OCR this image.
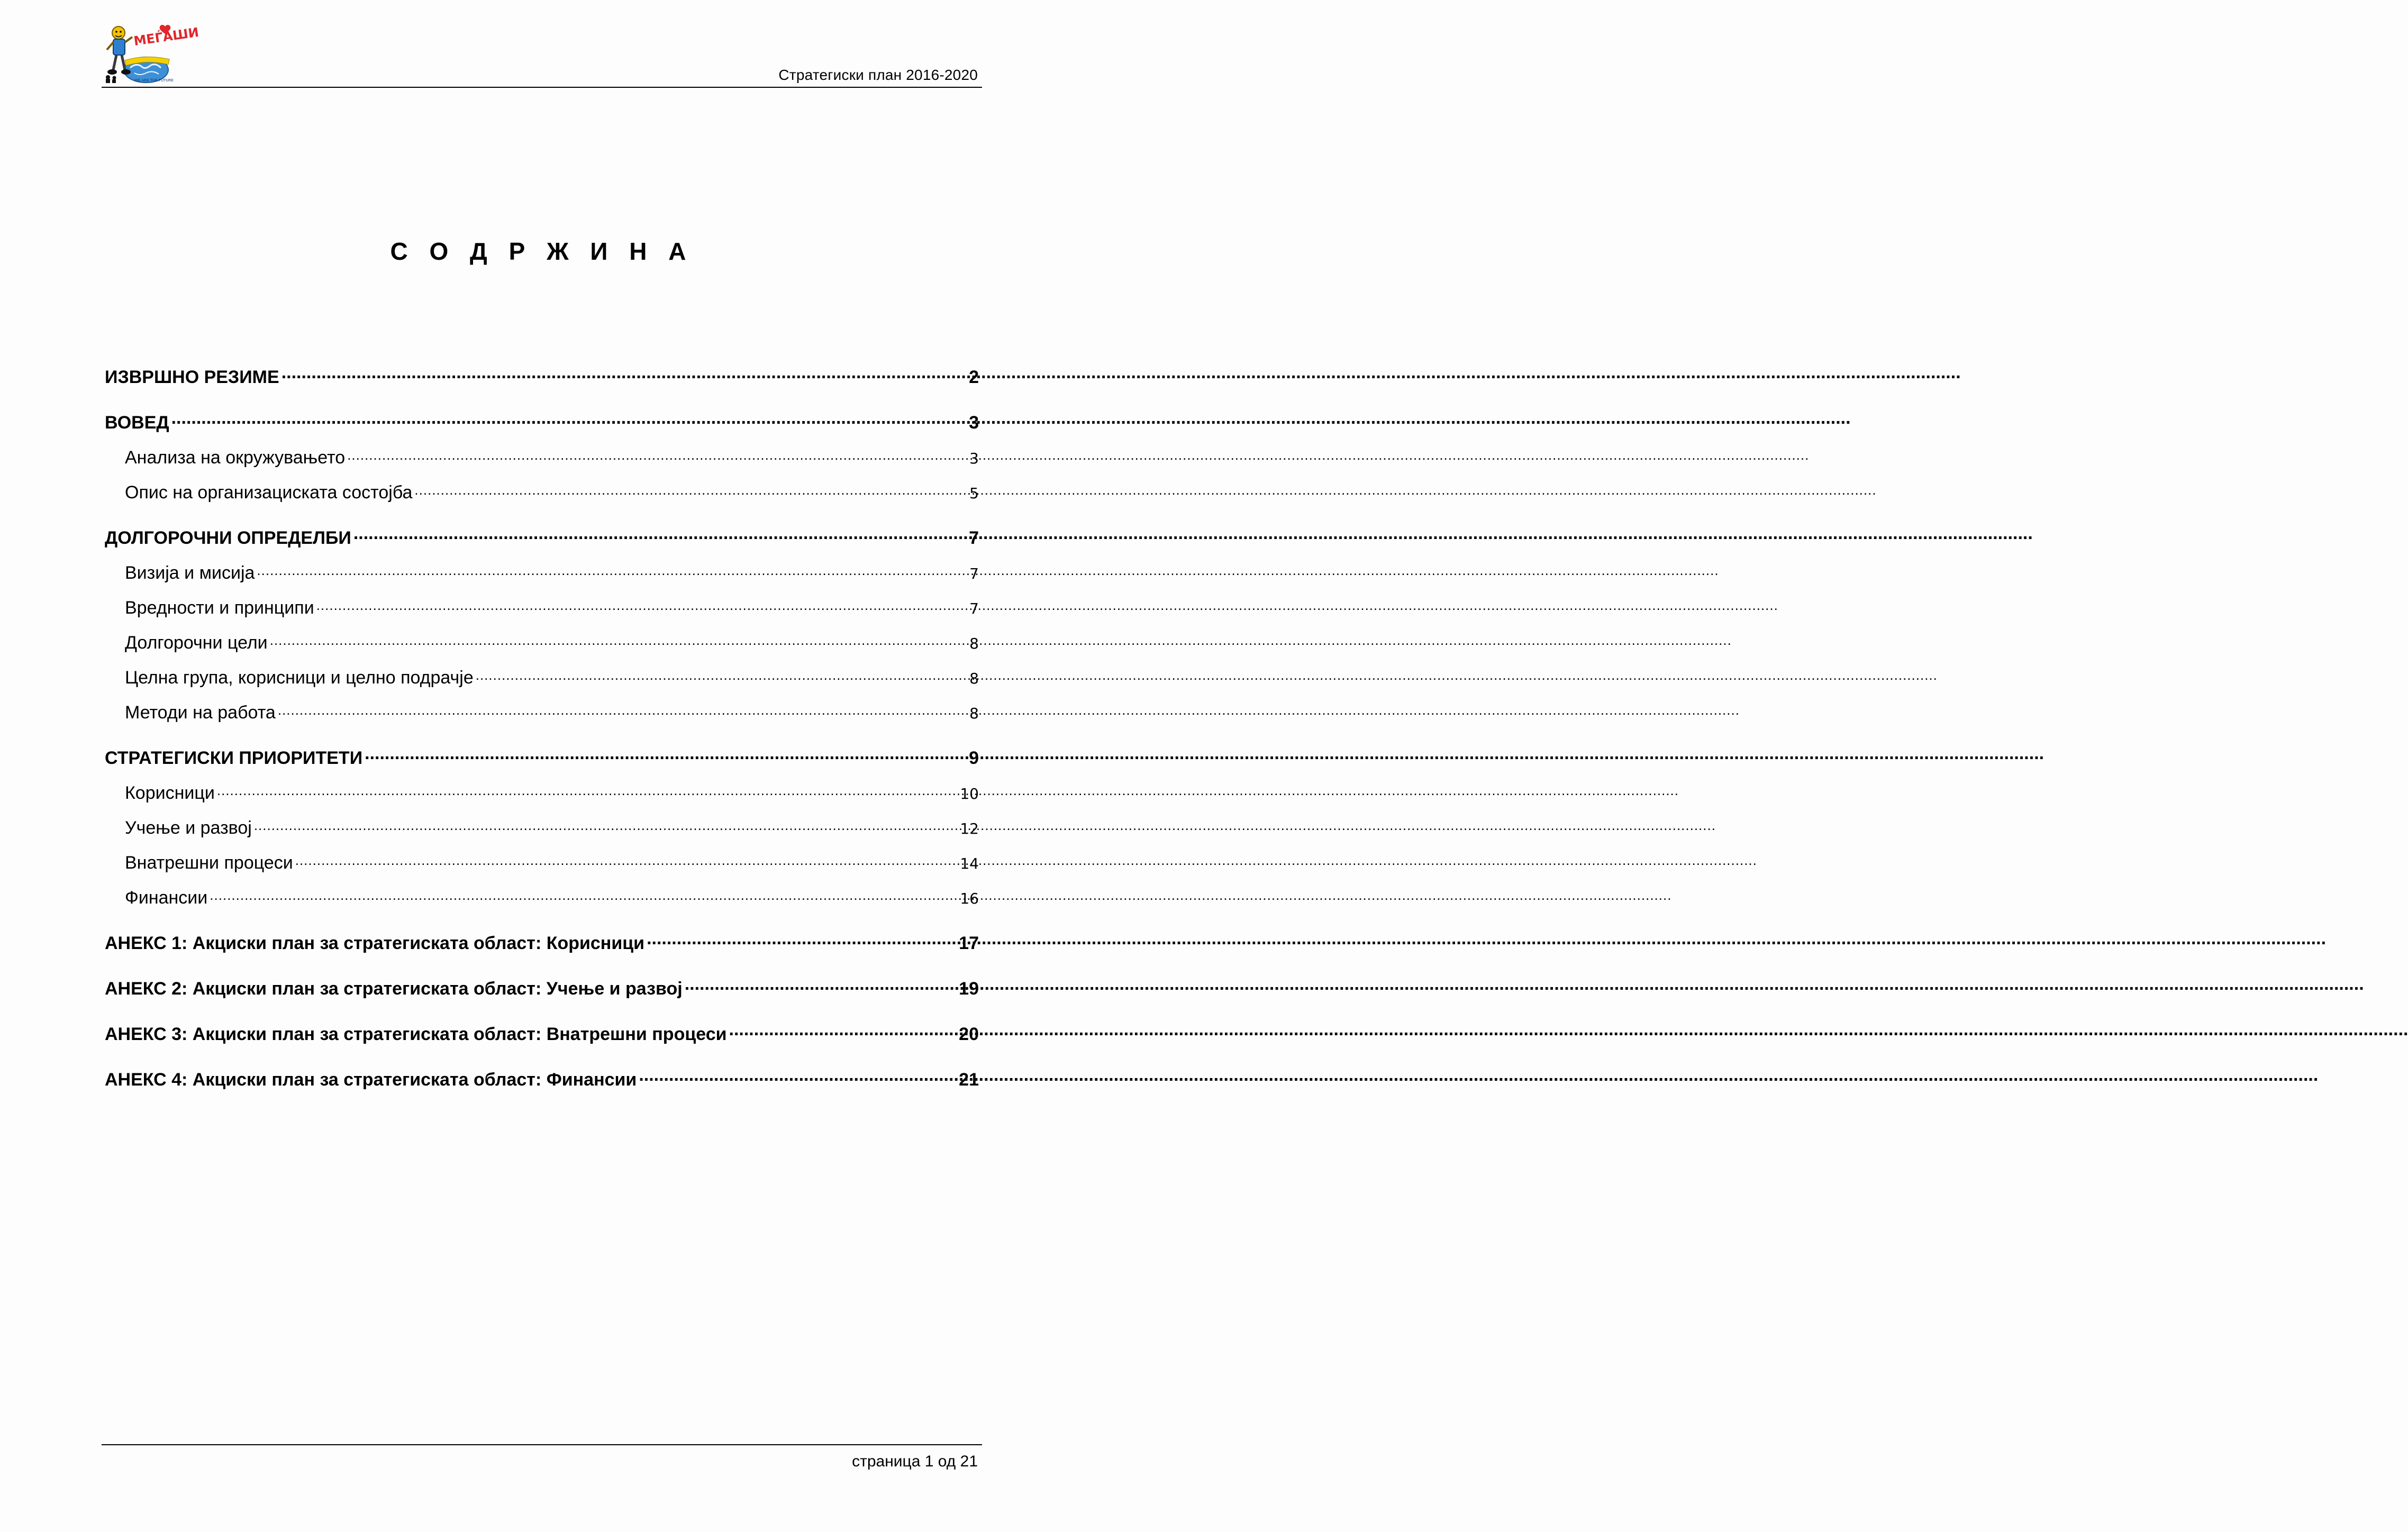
МЕЃАШИ
WE ARE THE FUTURE	Стратегиски план 2016-2020
С О Д Р Ж И Н А
ИЗВРШНО РЕЗИМЕ .....	2
ВОВЕД .....	3
Анализа на окружувањето .....	3
Опис на организациската состојба .....	5
ДОЛГОРОЧНИ ОПРЕДЕЛБИ .....	7
Визија и мисија .....	7
Вредности и принципи .....	7
Долгорочни цели .....	8
Целна група, корисници и целно подрачје .....	8
Методи на работа .....	8
СТРАТЕГИСКИ ПРИОРИТЕТИ .....	9
Корисници .....	10
Учење и развој .....	12
Внатрешни процеси .....	14
Финансии .....	16
АНЕКС 1: Акциски план за стратегиската област: Корисници .....	17
АНЕКС 2: Акциски план за стратегиската област: Учење и развој .....	19
АНЕКС 3: Акциски план за стратегиската област: Внатрешни процеси .....	20
АНЕКС 4: Акциски план за стратегиската област: Финансии .....	21
страница 1 од 21
